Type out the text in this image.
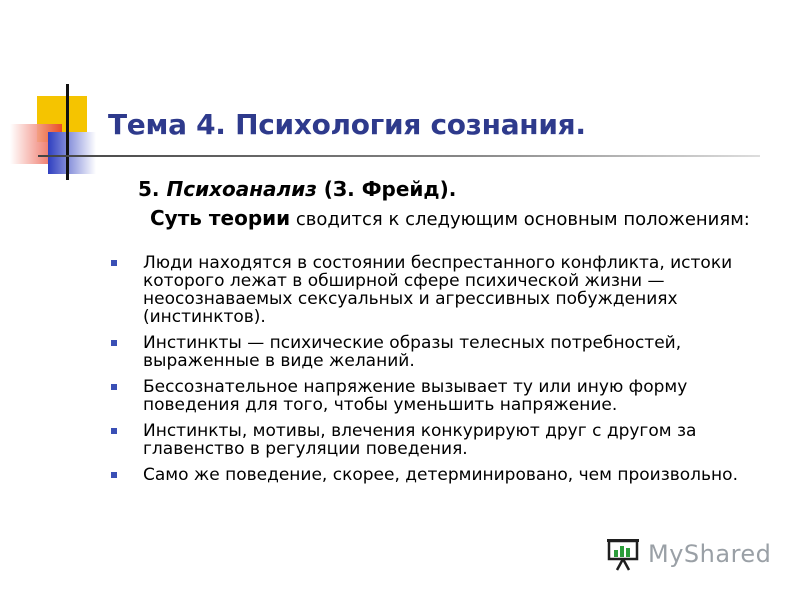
Тема 4. Психология сознания.

5. Психоанализ (З. Фрейд).

Суть теории сводится к следующим основным положениям:

Люди находятся в состоянии беспрестанного конфликта, истоки которого лежат в обширной сфере психической жизни — неосознаваемых сексуальных и агрессивных побуждениях (инстинктов).
Инстинкты — психические образы телесных потребностей, выраженные в виде желаний.
Бессознательное напряжение вызывает ту или иную форму поведения для того, чтобы уменьшить напряжение.
Инстинкты, мотивы, влечения конкурируют друг с другом за главенство в регуляции поведения.
Само же поведение, скорее, детерминировано, чем произвольно.
MyShared
